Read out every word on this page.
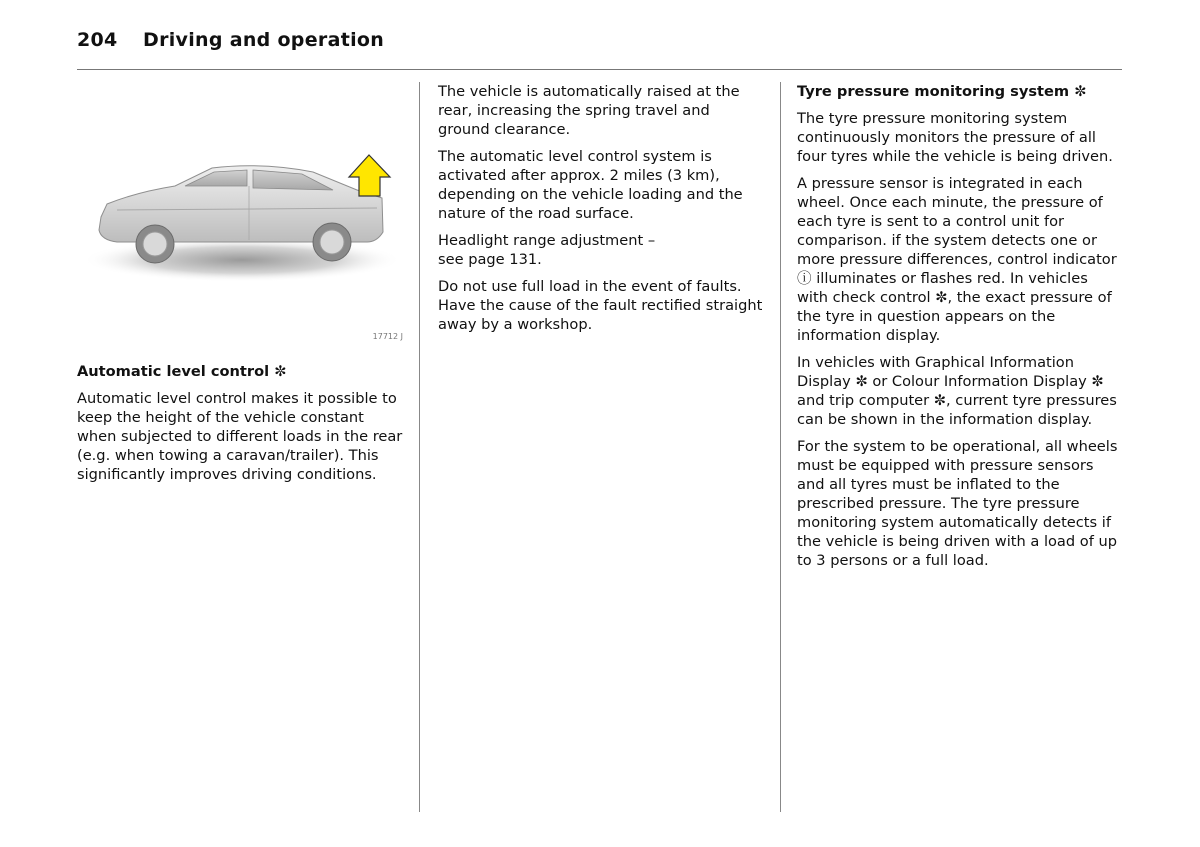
204 Driving and operation
17712 J

Automatic level control ✼

Automatic level control makes it possible to keep the height of the vehicle constant when subjected to different loads in the rear (e.g. when towing a caravan/trailer). This significantly improves driving conditions.

The vehicle is automatically raised at the rear, increasing the spring travel and ground clearance.

The automatic level control system is activated after approx. 2 miles (3 km), depending on the vehicle loading and the nature of the road surface.

Headlight range adjustment –
see page 131.

Do not use full load in the event of faults. Have the cause of the fault rectified straight away by a workshop.

Tyre pressure monitoring system ✼

The tyre pressure monitoring system continuously monitors the pressure of all four tyres while the vehicle is being driven.

A pressure sensor is integrated in each wheel. Once each minute, the pressure of each tyre is sent to a control unit for comparison. if the system detects one or more pressure differences, control indicator ⓘ illuminates or flashes red. In vehicles with check control ✼, the exact pressure of the tyre in question appears on the information display.

In vehicles with Graphical Information Display ✼ or Colour Information Display ✼ and trip computer ✼, current tyre pressures can be shown in the information display.

For the system to be operational, all wheels must be equipped with pressure sensors and all tyres must be inflated to the prescribed pressure. The tyre pressure monitoring system automatically detects if the vehicle is being driven with a load of up to 3 persons or a full load.
